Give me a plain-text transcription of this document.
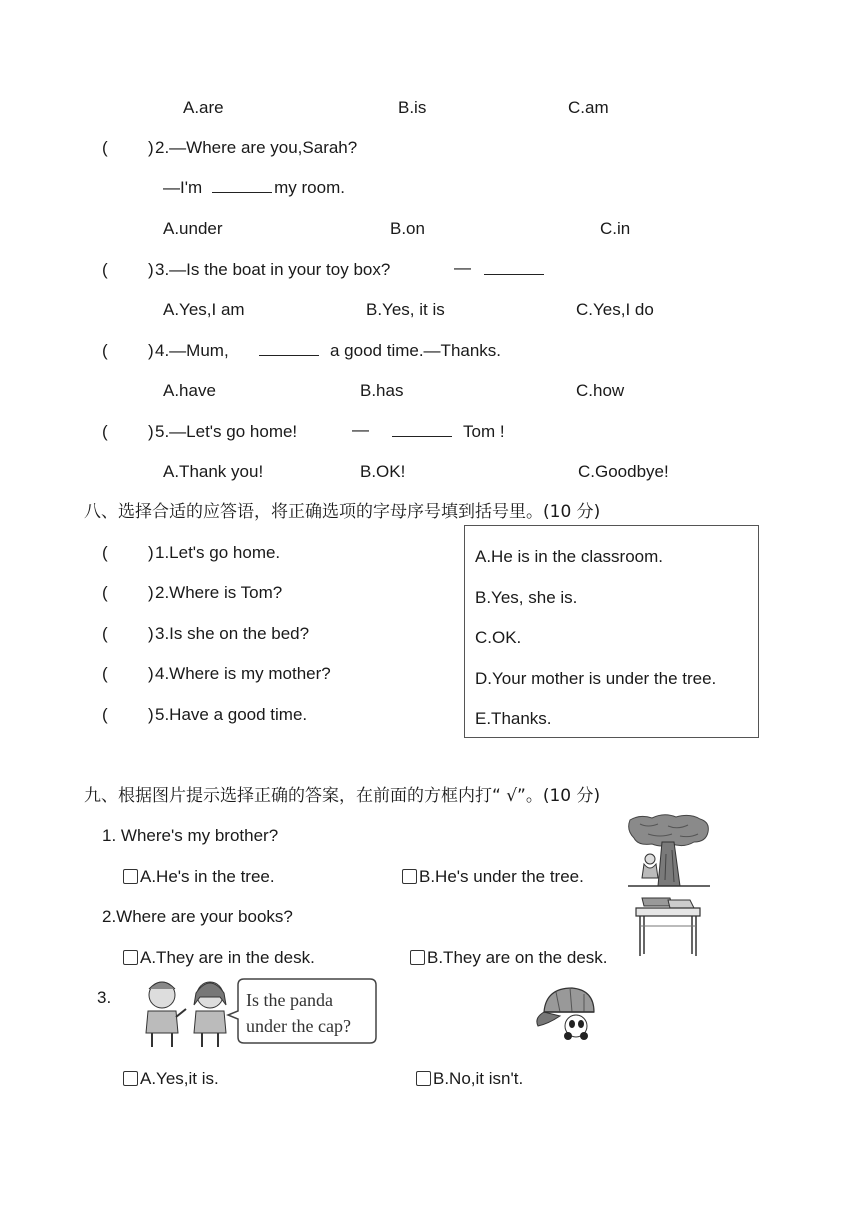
A.are	B.is	C.am
( ) 2.—Where are you,Sarah?
—I'm	my room.
A.under	B.on	C.in
( ) 3.—Is the boat in your toy box?	—
A.Yes,I am	B.Yes, it is	C.Yes,I do
( ) 4.—Mum,	a good time.—Thanks.
A.have	B.has	C.how
( ) 5.—Let's go home!	—	Tom !
A.Thank you!	B.OK!	C.Goodbye!
八、选择合适的应答语，将正确选项的字母序号填到括号里。(10 分)
( ) 1.Let's go home.
( ) 2.Where is Tom?
( ) 3.Is she on the bed?
( ) 4.Where is my mother?
( ) 5.Have a good time.
A.He is in the classroom.
B.Yes, she is.
C.OK.
D.Your mother is under the tree.
E.Thanks.
九、根据图片提示选择正确的答案，在前面的方框内打“ √”。(10 分)
1. Where's my brother?
A.He's in the tree.	B.He's under the tree.
2.Where are your books?
A.They are in the desk.	B.They are on the desk.
3.	Is the panda
under the cap?
A.Yes,it is.	B.No,it isn't.
